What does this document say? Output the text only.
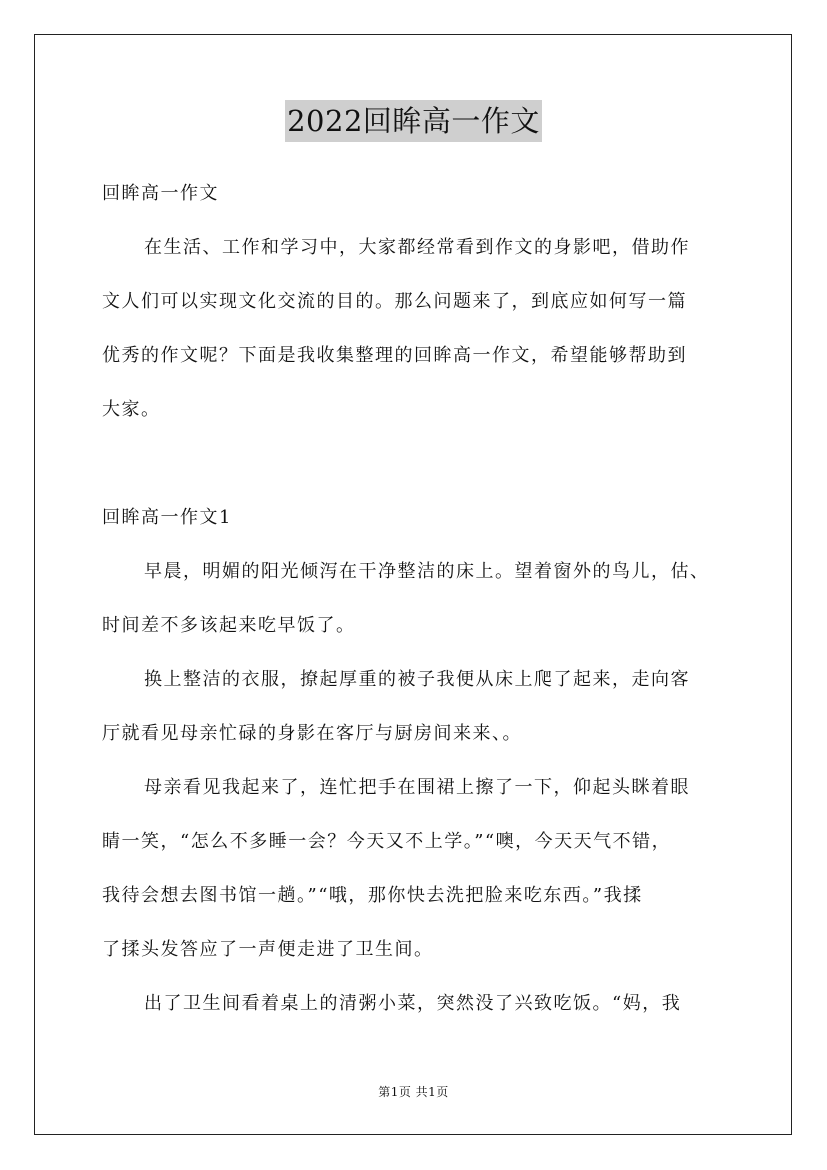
2022回眸高一作文
回眸高一作文
在生活、工作和学习中，大家都经常看到作文的身影吧，借助作
文人们可以实现文化交流的目的。那么问题来了，到底应如何写一篇
优秀的作文呢？下面是我收集整理的回眸高一作文，希望能够帮助到
大家。
回眸高一作文1
早晨，明媚的阳光倾泻在干净整洁的床上。望着窗外的鸟儿，估、
时间差不多该起来吃早饭了。
换上整洁的衣服，撩起厚重的被子我便从床上爬了起来，走向客
厅就看见母亲忙碌的身影在客厅与厨房间来来、。
母亲看见我起来了，连忙把手在围裙上擦了一下，仰起头眯着眼
睛一笑，“怎么不多睡一会？今天又不上学。”“噢，今天天气不错，
我待会想去图书馆一趟。”“哦，那你快去洗把脸来吃东西。”我揉
了揉头发答应了一声便走进了卫生间。
出了卫生间看着桌上的清粥小菜，突然没了兴致吃饭。“妈，我
第1页 共1页
